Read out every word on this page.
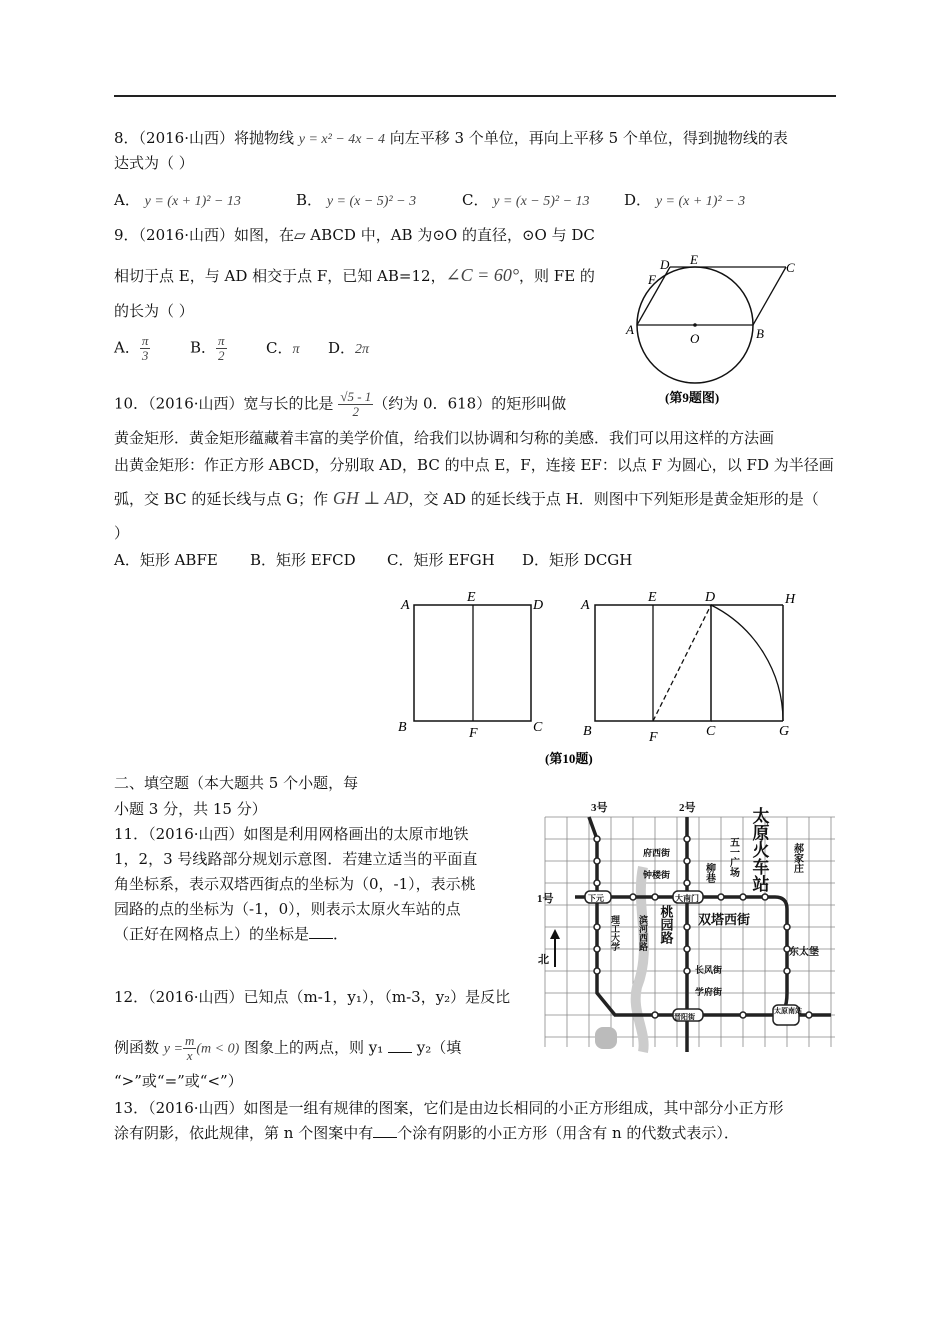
8．（2016·山西）将抛物线 y = x² − 4x − 4 向左平移 3 个单位，再向上平移 5 个单位，得到抛物线的表
达式为（ ）
A． y = (x + 1)² − 13	B． y = (x − 5)² − 3	C． y = (x − 5)² − 13 D． y = (x + 1)² − 3
9．（2016·山西）如图，在▱ ABCD 中，AB 为⊙O 的直径，⊙O 与 DC
相切于点 E，与 AD 相交于点 F，已知 AB=12，∠C = 60°，则 FE 的
的长为（ ）
A． $\frac{\pi}{3}$	B． $\frac{\pi}{2}$	C．π D．2π
A	B
C
D E
F
O
(第9题图)
10．（2016·山西）宽与长的比是 $\frac{√5 - 1}{2}$ （约为 0．618）的矩形叫做
黄金矩形．黄金矩形蕴藏着丰富的美学价值，给我们以协调和匀称的美感．我们可以用这样的方法画
出黄金矩形：作正方形 ABCD，分别取 AD，BC 的中点 E，F，连接 EF：以点 F 为圆心，以 FD 为半径画
弧，交 BC 的延长线与点 G；作 GH ⊥ AD，交 AD 的延长线于点 H．则图中下列矩形是黄金矩形的是（
）
A．矩形 ABFE B．矩形 EFCD C．矩形 EFGH D．矩形 DCGH
A
E
D
B	F	C
A
E	D	H
B	F	C	G
(第10题)
二、填空题（本大题共 5 个小题，每
小题 3 分，共 15 分）
11．（2016·山西）如图是利用网格画出的太原市地铁
1，2，3 号线路部分规划示意图．若建立适当的平面直
角坐标系，表示双塔西街点的坐标为（0，-1），表示桃
园路的点的坐标为（-1，0），则表示太原火车站的点
（正好在网格点上）的坐标是 ．
3号	2号
1号	下元	大南门
府西街
钟楼街	柳巷 五一广场	郝家庄
太原火车站
理工大学 滨河西路 桃园路 双塔西街
东太堡
长风街
学府街
晋阳街
太原南站
北
12．（2016·山西）已知点（m-1，y₁），（m-3，y₂）是反比
例函数 $y = \frac{m}{x} (m < 0)$ 图象上的两点，则 y₁  y₂（填
“>”或“=”或“<”）
13．（2016·山西）如图是一组有规律的图案，它们是由边长相同的小正方形组成，其中部分小正方形
涂有阴影，依此规律，第 n 个图案中有 个涂有阴影的小正方形（用含有 n 的代数式表示）．
